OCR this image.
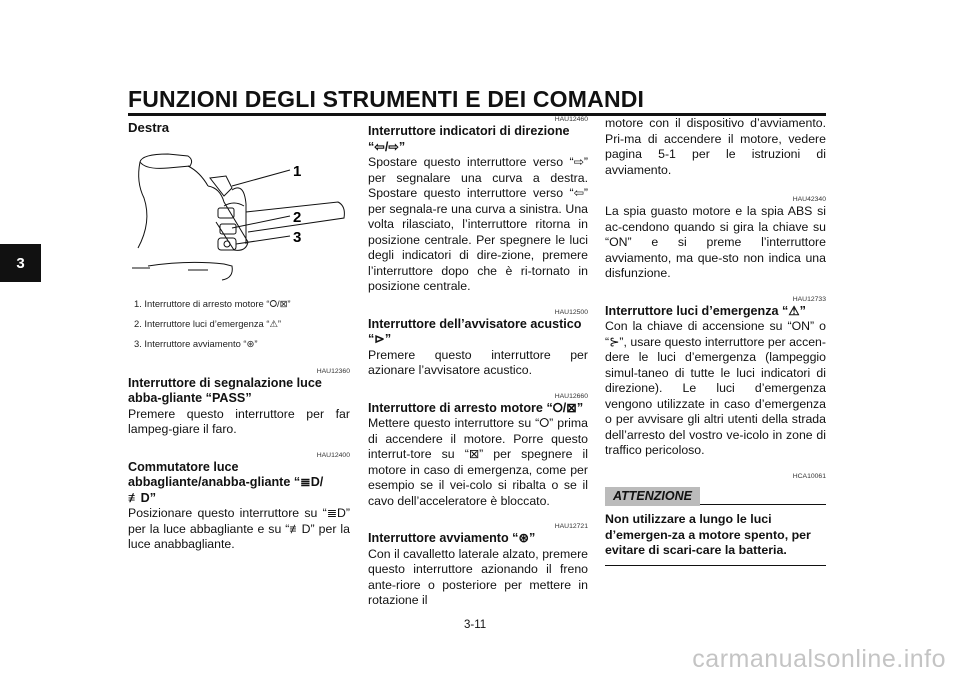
FUNZIONI DEGLI STRUMENTI E DEI COMANDI
3
Destra
1
2
3
1. Interruttore di arresto motore “⭘/⊠”
2. Interruttore luci d’emergenza “⚠”
3. Interruttore avviamento “⊛”
HAU12360
Interruttore di segnalazione luce abba-gliante “PASS”
Premere questo interruttore per far lampeg-giare il faro.
HAU12400
Commutatore luce abbagliante/anabba-gliante “≣D/≢D”
Posizionare questo interruttore su “≣D” per la luce abbagliante e su “≢D” per la luce anabbagliante.
HAU12460
Interruttore indicatori di direzione “⇦/⇨”
Spostare questo interruttore verso “⇨” per segnalare una curva a destra. Spostare questo interruttore verso “⇦” per segnala-re una curva a sinistra. Una volta rilasciato, l’interruttore ritorna in posizione centrale. Per spegnere le luci degli indicatori di dire-zione, premere l’interruttore dopo che è ri-tornato in posizione centrale.
HAU12500
Interruttore dell’avvisatore acustico “⊳”
Premere questo interruttore per azionare l’avvisatore acustico.
HAU12660
Interruttore di arresto motore “⭘/⊠”
Mettere questo interruttore su “⭘” prima di accendere il motore. Porre questo interrut-tore su “⊠” per spegnere il motore in caso di emergenza, come per esempio se il vei-colo si ribalta o se il cavo dell’acceleratore è bloccato.
HAU12721
Interruttore avviamento “⊛”
Con il cavalletto laterale alzato, premere questo interruttore azionando il freno ante-riore o posteriore per mettere in rotazione il
motore con il dispositivo d’avviamento. Pri-ma di accendere il motore, vedere pagina 5-1 per le istruzioni di avviamento.
HAU42340
La spia guasto motore e la spia ABS si ac-cendono quando si gira la chiave su “ON” e si preme l’interruttore avviamento, ma que-sto non indica una disfunzione.
HAU12733
Interruttore luci d’emergenza “⚠”
Con la chiave di accensione su “ON” o “⊱”, usare questo interruttore per accen-dere le luci d’emergenza (lampeggio simul-taneo di tutte le luci indicatori di direzione). Le luci d’emergenza vengono utilizzate in caso d’emergenza o per avvisare gli altri utenti della strada dell’arresto del vostro ve-icolo in zone di traffico pericoloso.
HCA10061
ATTENZIONE
Non utilizzare a lungo le luci d’emergen-za a motore spento, per evitare di scari-care la batteria.
3-11
carmanualsonline.info
